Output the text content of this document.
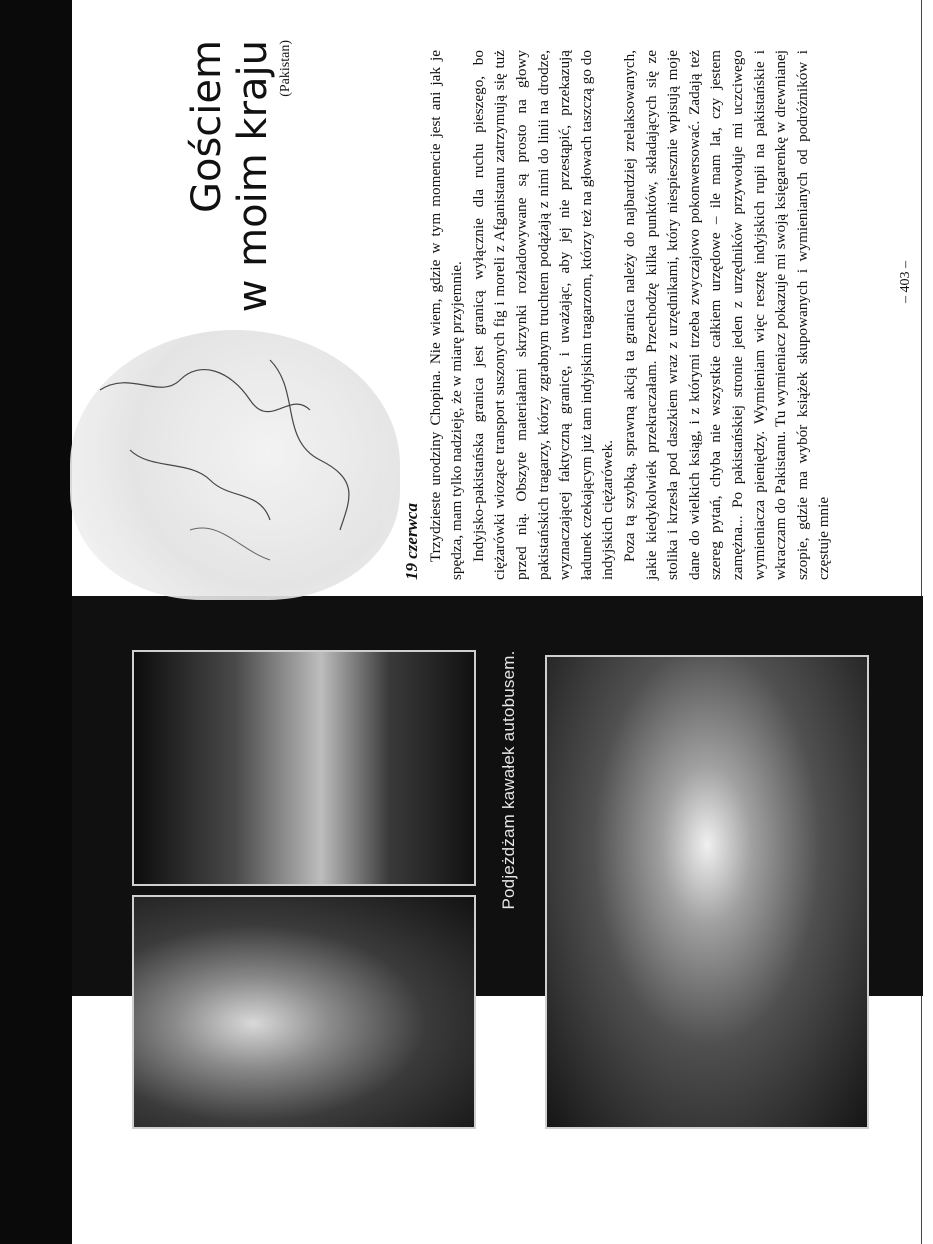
Podjeżdżam kawałek autobusem.
19 czerwca Trzydzieste urodziny Chopina. Nie wiem, gdzie w tym momencie jest ani jak je spędza, mam tylko nadzieję, że w miarę przyjemnie. Indyjsko-pakistańska granica jest granicą wyłącznie dla ruchu pieszego, bo ciężarówki wiozące transport suszonych fig i moreli z Afganistanu zatrzymują się tuż przed nią. Obszyte materiałami skrzynki rozładowywane są prosto na głowy pakistańskich tragarzy, którzy zgrabnym truchtem podążają z nimi do linii na drodze, wyznaczającej faktyczną granicę, i uważając, aby jej nie przestąpić, przekazują ładunek czekającym już tam indyjskim tragarzom, którzy też na głowach taszczą go do indyjskich ciężarówek. Poza tą szybką, sprawną akcją ta granica należy do najbardziej zrelaksowanych, jakie kiedykolwiek przekraczałam. Przechodzę kilka punktów, składających się ze stolika i krzesła pod daszkiem wraz z urzędnikami, który niespiesznie wpisują moje dane do wielkich ksiąg, i z którymi trzeba zwyczajowo pokonwersować. Zadają też szereg pytań, chyba nie wszystkie całkiem urzędowe – ile mam lat, czy jestem zamężna... Po pakistańskiej stronie jeden z urzędników przywołuje mi uczciwego wymieniacza pieniędzy. Wymieniam więc resztę indyjskich rupii na pakistańskie i wkraczam do Pakistanu. Tu wymieniacz pokazuje mi swoją księgarenkę w drewnianej szopie, gdzie ma wybór książek skupowanych i wymienianych od podróżników i częstuje mnie

Gościem w moim kraju (Pakistan)
– 403 –
